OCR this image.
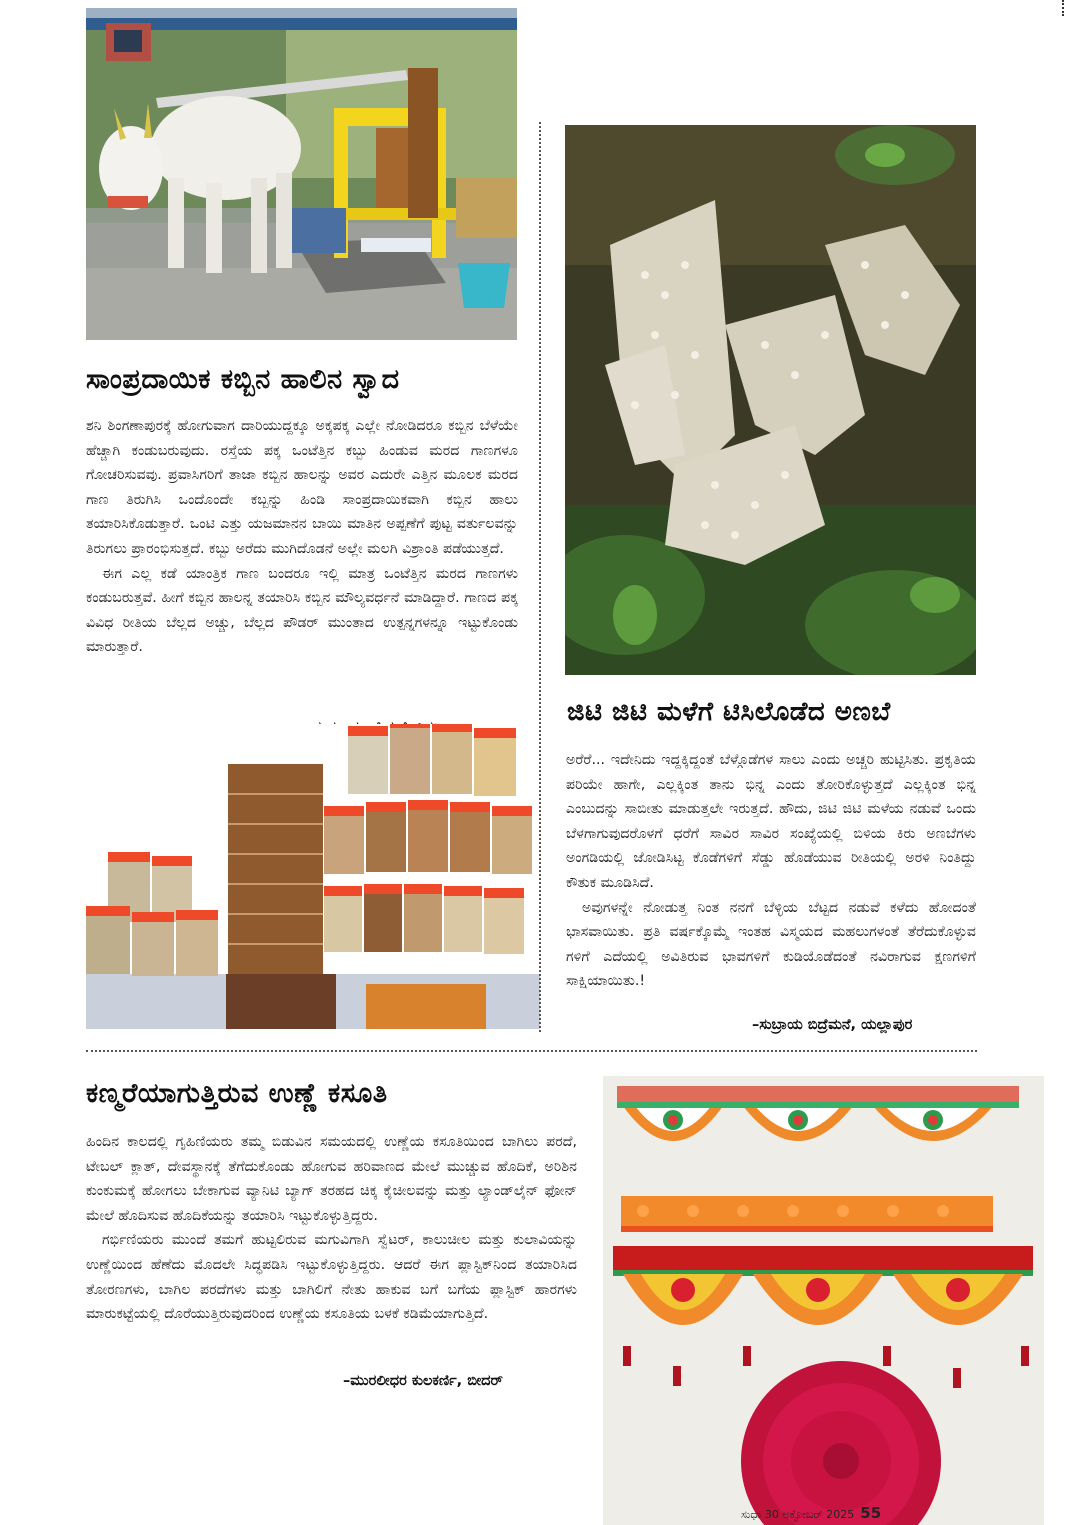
ಸಾಂಪ್ರದಾಯಿಕ ಕಬ್ಬಿನ ಹಾಲಿನ ಸ್ವಾದ

ಶನಿ ಶಿಂಗಣಾಪುರಕ್ಕೆ ಹೋಗುವಾಗ ದಾರಿಯುದ್ದಕ್ಕೂ ಅಕ್ಕಪಕ್ಕ ಎಲ್ಲೇ ನೋಡಿದರೂ ಕಬ್ಬಿನ ಬೆಳೆಯೇ ಹೆಚ್ಚಾಗಿ ಕಂಡುಬರುವುದು. ರಸ್ತೆಯ ಪಕ್ಕ ಒಂಟೆತ್ತಿನ ಕಬ್ಬು ಹಿಂಡುವ ಮರದ ಗಾಣಗಳೂ ಗೋಚರಿಸುವವು. ಪ್ರವಾಸಿಗರಿಗೆ ತಾಜಾ ಕಬ್ಬಿನ ಹಾಲನ್ನು ಅವರ ಎದುರೇ ಎತ್ತಿನ ಮೂಲಕ ಮರದ ಗಾಣ ತಿರುಗಿಸಿ ಒಂದೊಂದೇ ಕಬ್ಬನ್ನು ಹಿಂಡಿ ಸಾಂಪ್ರದಾಯಿಕವಾಗಿ ಕಬ್ಬಿನ ಹಾಲು ತಯಾರಿಸಿಕೊಡುತ್ತಾರೆ. ಒಂಟಿ ಎತ್ತು ಯಜಮಾನನ ಬಾಯಿ ಮಾತಿನ ಅಪ್ಪಣೆಗೆ ಪುಟ್ಟ ವರ್ತುಲವನ್ನು ತಿರುಗಲು ಪ್ರಾರಂಭಿಸುತ್ತದೆ. ಕಬ್ಬು ಅರೆದು ಮುಗಿದೊಡನೆ ಅಲ್ಲೇ ಮಲಗಿ ವಿಶ್ರಾಂತಿ ಪಡೆಯುತ್ತದೆ.

ಈಗ ಎಲ್ಲ ಕಡೆ ಯಾಂತ್ರಿಕ ಗಾಣ ಬಂದರೂ ಇಲ್ಲಿ ಮಾತ್ರ ಒಂಟೆತ್ತಿನ ಮರದ ಗಾಣಗಳು ಕಂಡುಬರುತ್ತವೆ. ಹೀಗೆ ಕಬ್ಬಿನ ಹಾಲನ್ನ ತಯಾರಿಸಿ ಕಬ್ಬಿನ ಮೌಲ್ಯವರ್ಧನೆ ಮಾಡಿದ್ದಾರೆ. ಗಾಣದ ಪಕ್ಕ ವಿವಿಧ ರೀತಿಯ ಬೆಲ್ಲದ ಅಚ್ಚು, ಬೆಲ್ಲದ ಪೌಡರ್ ಮುಂತಾದ ಉತ್ಪನ್ನಗಳನ್ನೂ ಇಟ್ಟುಕೊಂಡು ಮಾರುತ್ತಾರೆ.

ಜಿಟಿ ಜಿಟಿ ಮಳೆಗೆ ಟಿಸಿಲೊಡೆದ ಅಣಬೆ

ಅರೆರೆ... ಇದೇನಿದು ಇದ್ದಕ್ಕಿದ್ದಂತೆ ಬೆಳ್ಗೊಡೆಗಳ ಸಾಲು ಎಂದು ಅಚ್ಚರಿ ಹುಟ್ಟಿಸಿತು. ಪ್ರಕೃತಿಯ ಪರಿಯೇ ಹಾಗೇ, ಎಲ್ಲಕ್ಕಿಂತ ತಾನು ಭಿನ್ನ ಎಂದು ತೋರಿಕೊಳ್ಳುತ್ತದೆ ಎಲ್ಲಕ್ಕಿಂತ ಭಿನ್ನ ಎಂಬುದನ್ನು ಸಾಬೀತು ಮಾಡುತ್ತಲೇ ಇರುತ್ತದೆ. ಹೌದು, ಜಿಟಿ ಜಿಟಿ ಮಳೆಯ ನಡುವೆ ಒಂದು ಬೆಳಗಾಗುವುದರೊಳಗೆ ಧರೆಗೆ ಸಾವಿರ ಸಾವಿರ ಸಂಖ್ಯೆಯಲ್ಲಿ ಬಿಳಿಯ ಕಿರು ಅಣಬೆಗಳು ಅಂಗಡಿಯಲ್ಲಿ ಜೋಡಿಸಿಟ್ಟ ಕೊಡೆಗಳಿಗೆ ಸೆಡ್ಡು ಹೊಡೆಯುವ ರೀತಿಯಲ್ಲಿ ಅರಳಿ ನಿಂತಿದ್ದು ಕೌತುಕ ಮೂಡಿಸಿದೆ.

ಅವುಗಳನ್ನೇ ನೋಡುತ್ತ ನಿಂತ ನನಗೆ ಬೆಳ್ಳಿಯ ಬೆಟ್ಟದ ನಡುವೆ ಕಳೆದು ಹೋದಂತೆ ಭಾಸವಾಯಿತು. ಪ್ರತಿ ವರ್ಷಕ್ಕೊಮ್ಮೆ ಇಂತಹ ವಿಸ್ಮಯದ ಮಹಲುಗಳಂತೆ ತೆರೆದುಕೊಳ್ಳುವ ಗಳಿಗೆ ಎದೆಯಲ್ಲಿ ಅವಿತಿರುವ ಭಾವಗಳಿಗೆ ಕುಡಿಯೊಡೆದಂತೆ ನವಿರಾಗುವ ಕ್ಷಣಗಳಿಗೆ ಸಾಕ್ಷಿಯಾಯಿತು.!

–ಸುಬ್ರಾಯ ಬಿದ್ರೆಮನೆ, ಯಲ್ಲಾಪುರ
ಕಣ್ಮರೆಯಾಗುತ್ತಿರುವ ಉಣ್ಣೆ ಕಸೂತಿ

ಹಿಂದಿನ ಕಾಲದಲ್ಲಿ ಗೃಹಿಣಿಯರು ತಮ್ಮ ಬಿಡುವಿನ ಸಮಯದಲ್ಲಿ ಉಣ್ಣೆಯ ಕಸೂತಿಯಿಂದ ಬಾಗಿಲು ಪರದೆ, ಟೇಬಲ್ ಕ್ಲಾತ್, ದೇವಸ್ಥಾನಕ್ಕೆ ತೆಗೆದುಕೊಂಡು ಹೋಗುವ ಹರಿವಾಣದ ಮೇಲೆ ಮುಚ್ಚುವ ಹೊದಿಕೆ, ಅರಿಶಿನ ಕುಂಕುಮಕ್ಕೆ ಹೋಗಲು ಬೇಕಾಗುವ ವ್ಯಾನಿಟಿ ಬ್ಯಾಗ್ ತರಹದ ಚಿಕ್ಕ ಕೈಚೀಲವನ್ನು ಮತ್ತು ಲ್ಯಾಂಡ್‌ಲೈನ್ ಫೋನ್ ಮೇಲೆ ಹೊದಿಸುವ ಹೊದಿಕೆಯನ್ನು ತಯಾರಿಸಿ ಇಟ್ಟುಕೊಳ್ಳುತ್ತಿದ್ದರು.

ಗರ್ಭಿಣಿಯರು ಮುಂದೆ ತಮಗೆ ಹುಟ್ಟಲಿರುವ ಮಗುವಿಗಾಗಿ ಸ್ವೆಟರ್, ಕಾಲುಚೀಲ ಮತ್ತು ಕುಲಾವಿಯನ್ನು ಉಣ್ಣೆಯಿಂದ ಹೆಣೆದು ಮೊದಲೇ ಸಿದ್ಧಪಡಿಸಿ ಇಟ್ಟುಕೊಳ್ಳುತ್ತಿದ್ದರು. ಆದರೆ ಈಗ ಪ್ಲಾಸ್ಟಿಕ್‌ನಿಂದ ತಯಾರಿಸಿದ ತೋರಣಗಳು, ಬಾಗಿಲ ಪರದೆಗಳು ಮತ್ತು ಬಾಗಿಲಿಗೆ ನೇತು ಹಾಕುವ ಬಗೆ ಬಗೆಯ ಪ್ಲಾಸ್ಟಿಕ್ ಹಾರಗಳು ಮಾರುಕಟ್ಟೆಯಲ್ಲಿ ದೊರೆಯುತ್ತಿರುವುದರಿಂದ ಉಣ್ಣೆಯ ಕಸೂತಿಯ ಬಳಕೆ ಕಡಿಮೆಯಾಗುತ್ತಿದೆ.

–ಮುರಲೀಧರ ಕುಲಕರ್ಣಿ, ಬೀದರ್
ಸುಧಾ 30 ಅಕ್ಟೋಬರ್ 2025 55
